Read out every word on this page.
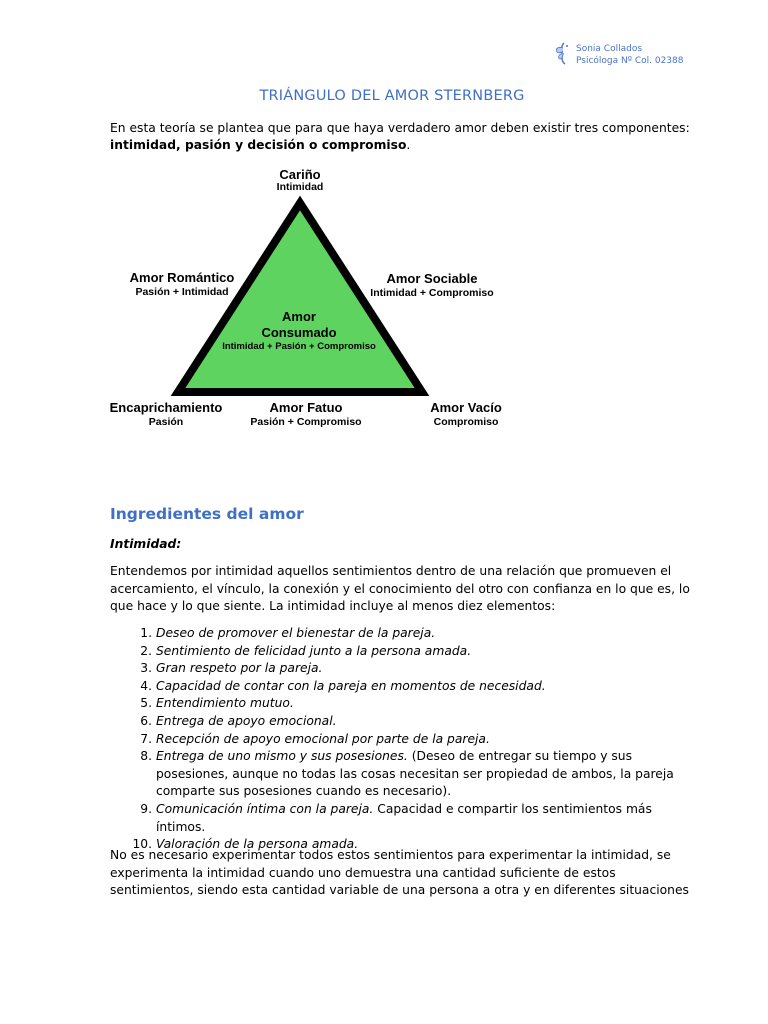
Sonia Collados
Psicóloga Nº Col. 02388
TRIÁNGULO DEL AMOR STERNBERG
En esta teoría se plantea que para que haya verdadero amor deben existir tres componentes: intimidad, pasión y decisión o compromiso.
Cariño
Intimidad
Amor Romántico
Pasión + Intimidad
Amor Sociable
Intimidad + Compromiso
Amor
Consumado
Intimidad + Pasión + Compromiso
Encaprichamiento
Pasión
Amor Fatuo
Pasión + Compromiso
Amor Vacío
Compromiso
Ingredientes del amor
Intimidad:
Entendemos por intimidad aquellos sentimientos dentro de una relación que promueven el acercamiento, el vínculo, la conexión y el conocimiento del otro con confianza en lo que es, lo que hace y lo que siente. La intimidad incluye al menos diez elementos:
1. Deseo de promover el bienestar de la pareja.
2. Sentimiento de felicidad junto a la persona amada.
3. Gran respeto por la pareja.
4. Capacidad de contar con la pareja en momentos de necesidad.
5. Entendimiento mutuo.
6. Entrega de apoyo emocional.
7. Recepción de apoyo emocional por parte de la pareja.
8. Entrega de uno mismo y sus posesiones. (Deseo de entregar su tiempo y sus posesiones, aunque no todas las cosas necesitan ser propiedad de ambos, la pareja comparte sus posesiones cuando es necesario).
9. Comunicación íntima con la pareja. Capacidad e compartir los sentimientos más íntimos.
10. Valoración de la persona amada.
No es necesario experimentar todos estos sentimientos para experimentar la intimidad, se experimenta la intimidad cuando uno demuestra una cantidad suficiente de estos sentimientos, siendo esta cantidad variable de una persona a otra y en diferentes situaciones
